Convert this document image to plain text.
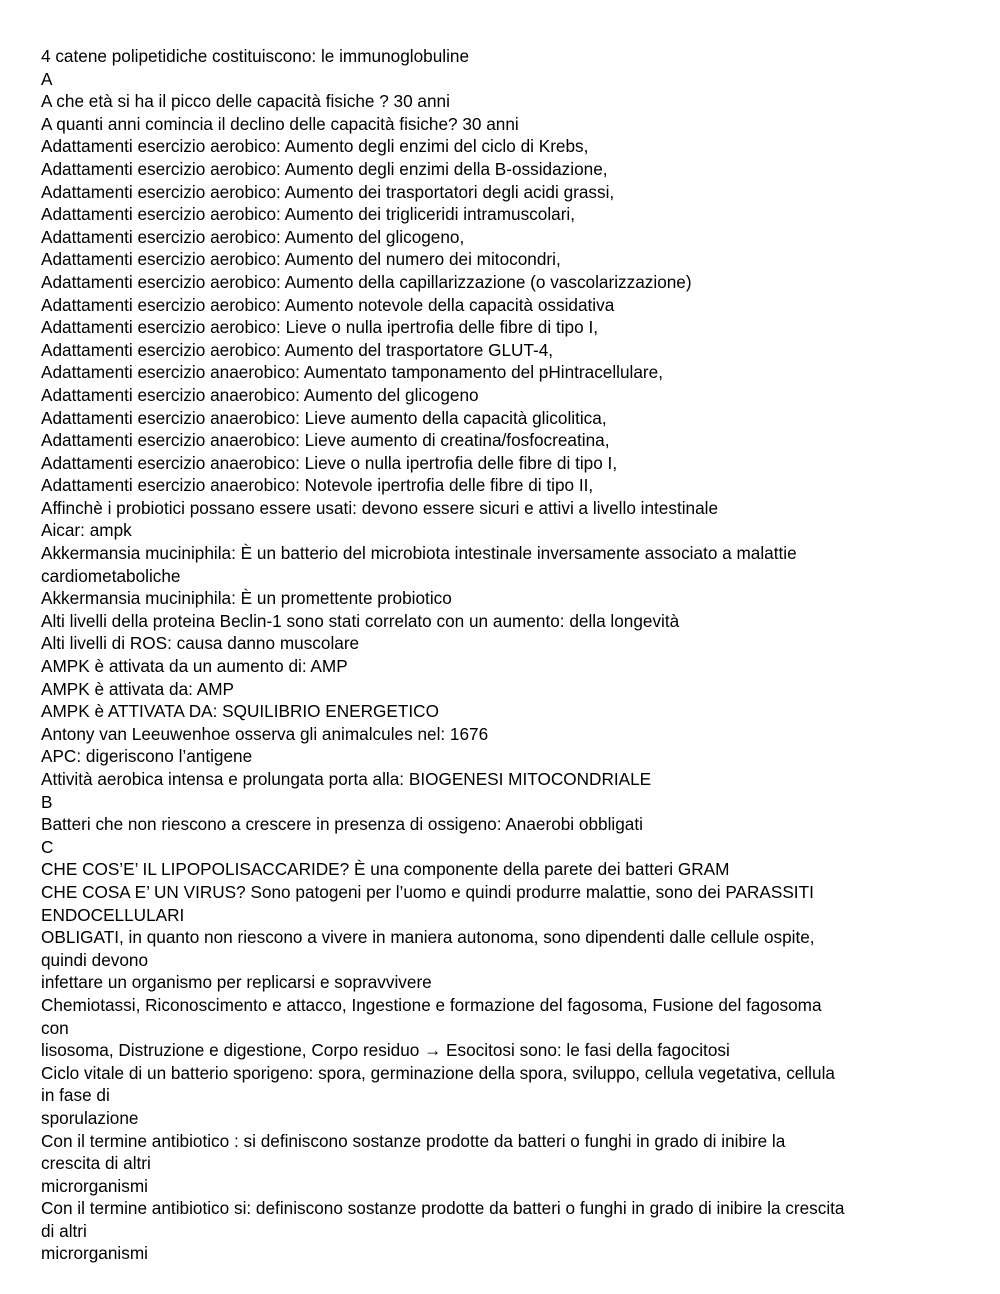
4 catene polipetidiche costituiscono: le immunoglobuline
A
A che età si ha il picco delle capacità fisiche ? 30 anni
A quanti anni comincia il declino delle capacità fisiche? 30 anni
Adattamenti esercizio aerobico: Aumento degli enzimi del ciclo di Krebs,
Adattamenti esercizio aerobico: Aumento degli enzimi della B-ossidazione,
Adattamenti esercizio aerobico: Aumento dei trasportatori degli acidi grassi,
Adattamenti esercizio aerobico: Aumento dei trigliceridi intramuscolari,
Adattamenti esercizio aerobico: Aumento del glicogeno,
Adattamenti esercizio aerobico: Aumento del numero dei mitocondri,
Adattamenti esercizio aerobico: Aumento della capillarizzazione (o vascolarizzazione)
Adattamenti esercizio aerobico: Aumento notevole della capacità ossidativa
Adattamenti esercizio aerobico: Lieve o nulla ipertrofia delle fibre di tipo I,
Adattamenti esercizio aerobico: Aumento del trasportatore GLUT-4,
Adattamenti esercizio anaerobico: Aumentato tamponamento del pHintracellulare,
Adattamenti esercizio anaerobico: Aumento del glicogeno
Adattamenti esercizio anaerobico: Lieve aumento della capacità glicolitica,
Adattamenti esercizio anaerobico: Lieve aumento di creatina/fosfocreatina,
Adattamenti esercizio anaerobico: Lieve o nulla ipertrofia delle fibre di tipo I,
Adattamenti esercizio anaerobico: Notevole ipertrofia delle fibre di tipo II,
Affinchè i probiotici possano essere usati: devono essere sicuri e attivi a livello intestinale
Aicar: ampk
Akkermansia muciniphila: È un batterio del microbiota intestinale inversamente associato a malattie
cardiometaboliche
Akkermansia muciniphila: È un promettente probiotico
Alti livelli della proteina Beclin-1 sono stati correlato con un aumento: della longevità
Alti livelli di ROS: causa danno muscolare
AMPK è attivata da un aumento di: AMP
AMPK è attivata da: AMP
AMPK è ATTIVATA DA: SQUILIBRIO ENERGETICO
Antony van Leeuwenhoe osserva gli animalcules nel: 1676
APC: digeriscono l’antigene
Attività aerobica intensa e prolungata porta alla: BIOGENESI MITOCONDRIALE
B
Batteri che non riescono a crescere in presenza di ossigeno: Anaerobi obbligati
C
CHE COS’E’ IL LIPOPOLISACCARIDE? È una componente della parete dei batteri GRAM
CHE COSA E’ UN VIRUS? Sono patogeni per l’uomo e quindi produrre malattie, sono dei PARASSITI
ENDOCELLULARI
OBLIGATI, in quanto non riescono a vivere in maniera autonoma, sono dipendenti dalle cellule ospite,
quindi devono
infettare un organismo per replicarsi e sopravvivere
Chemiotassi, Riconoscimento e attacco, Ingestione e formazione del fagosoma, Fusione del fagosoma
con
lisosoma, Distruzione e digestione, Corpo residuo → Esocitosi sono: le fasi della fagocitosi
Ciclo vitale di un batterio sporigeno: spora, germinazione della spora, sviluppo, cellula vegetativa, cellula
in fase di
sporulazione
Con il termine antibiotico : si definiscono sostanze prodotte da batteri o funghi in grado di inibire la
crescita di altri
microrganismi
Con il termine antibiotico si: definiscono sostanze prodotte da batteri o funghi in grado di inibire la crescita
di altri
microrganismi
